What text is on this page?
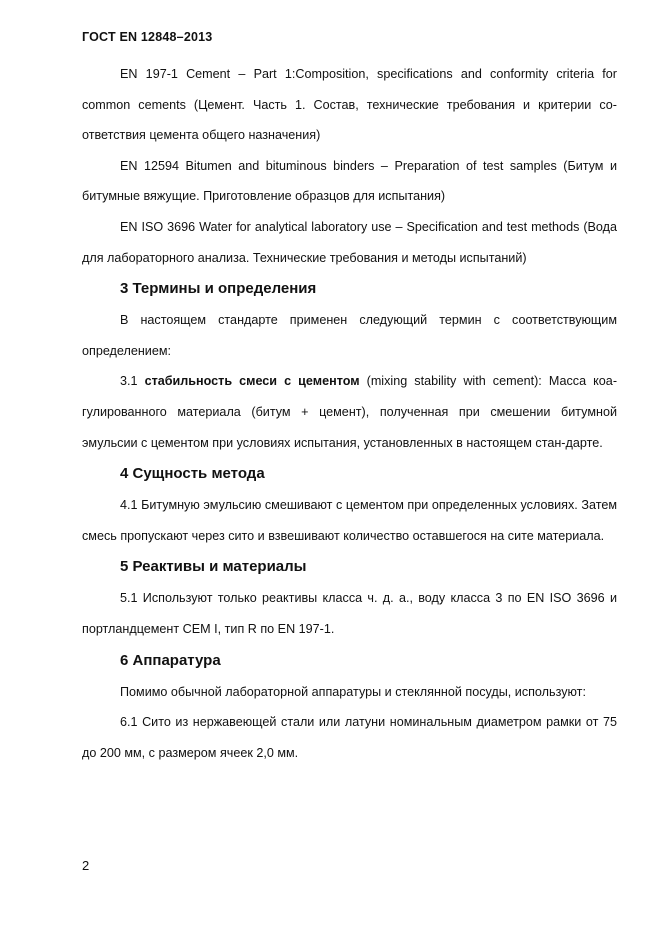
ГОСТ EN 12848–2013

EN 197-1 Cement – Part 1:Composition, specifications and conformity criteria for common cements (Цемент. Часть 1. Состав, технические требования и критерии со-ответствия цемента общего назначения)

EN 12594 Bitumen and bituminous binders – Preparation of test samples (Битум и битумные вяжущие. Приготовление образцов для испытания)

EN ISO 3696 Water for analytical laboratory use – Specification and test methods (Вода для лабораторного анализа. Технические требования и методы испытаний)

3 Термины и определения

В настоящем стандарте применен следующий термин с соответствующим определением:

3.1 стабильность смеси с цементом (mixing stability with cement): Масса коа-гулированного материала (битум + цемент), полученная при смешении битумной эмульсии с цементом при условиях испытания, установленных в настоящем стан-дарте.

4 Сущность метода

4.1 Битумную эмульсию смешивают с цементом при определенных условиях. Затем смесь пропускают через сито и взвешивают количество оставшегося на сите материала.

5 Реактивы и материалы

5.1 Используют только реактивы класса ч. д. а., воду класса 3 по EN ISO 3696 и портландцемент CEM I, тип R по EN 197-1.

6 Аппаратура

Помимо обычной лабораторной аппаратуры и стеклянной посуды, используют:

6.1 Сито из нержавеющей стали или латуни номинальным диаметром рамки от 75 до 200 мм, с размером ячеек 2,0 мм.

2
